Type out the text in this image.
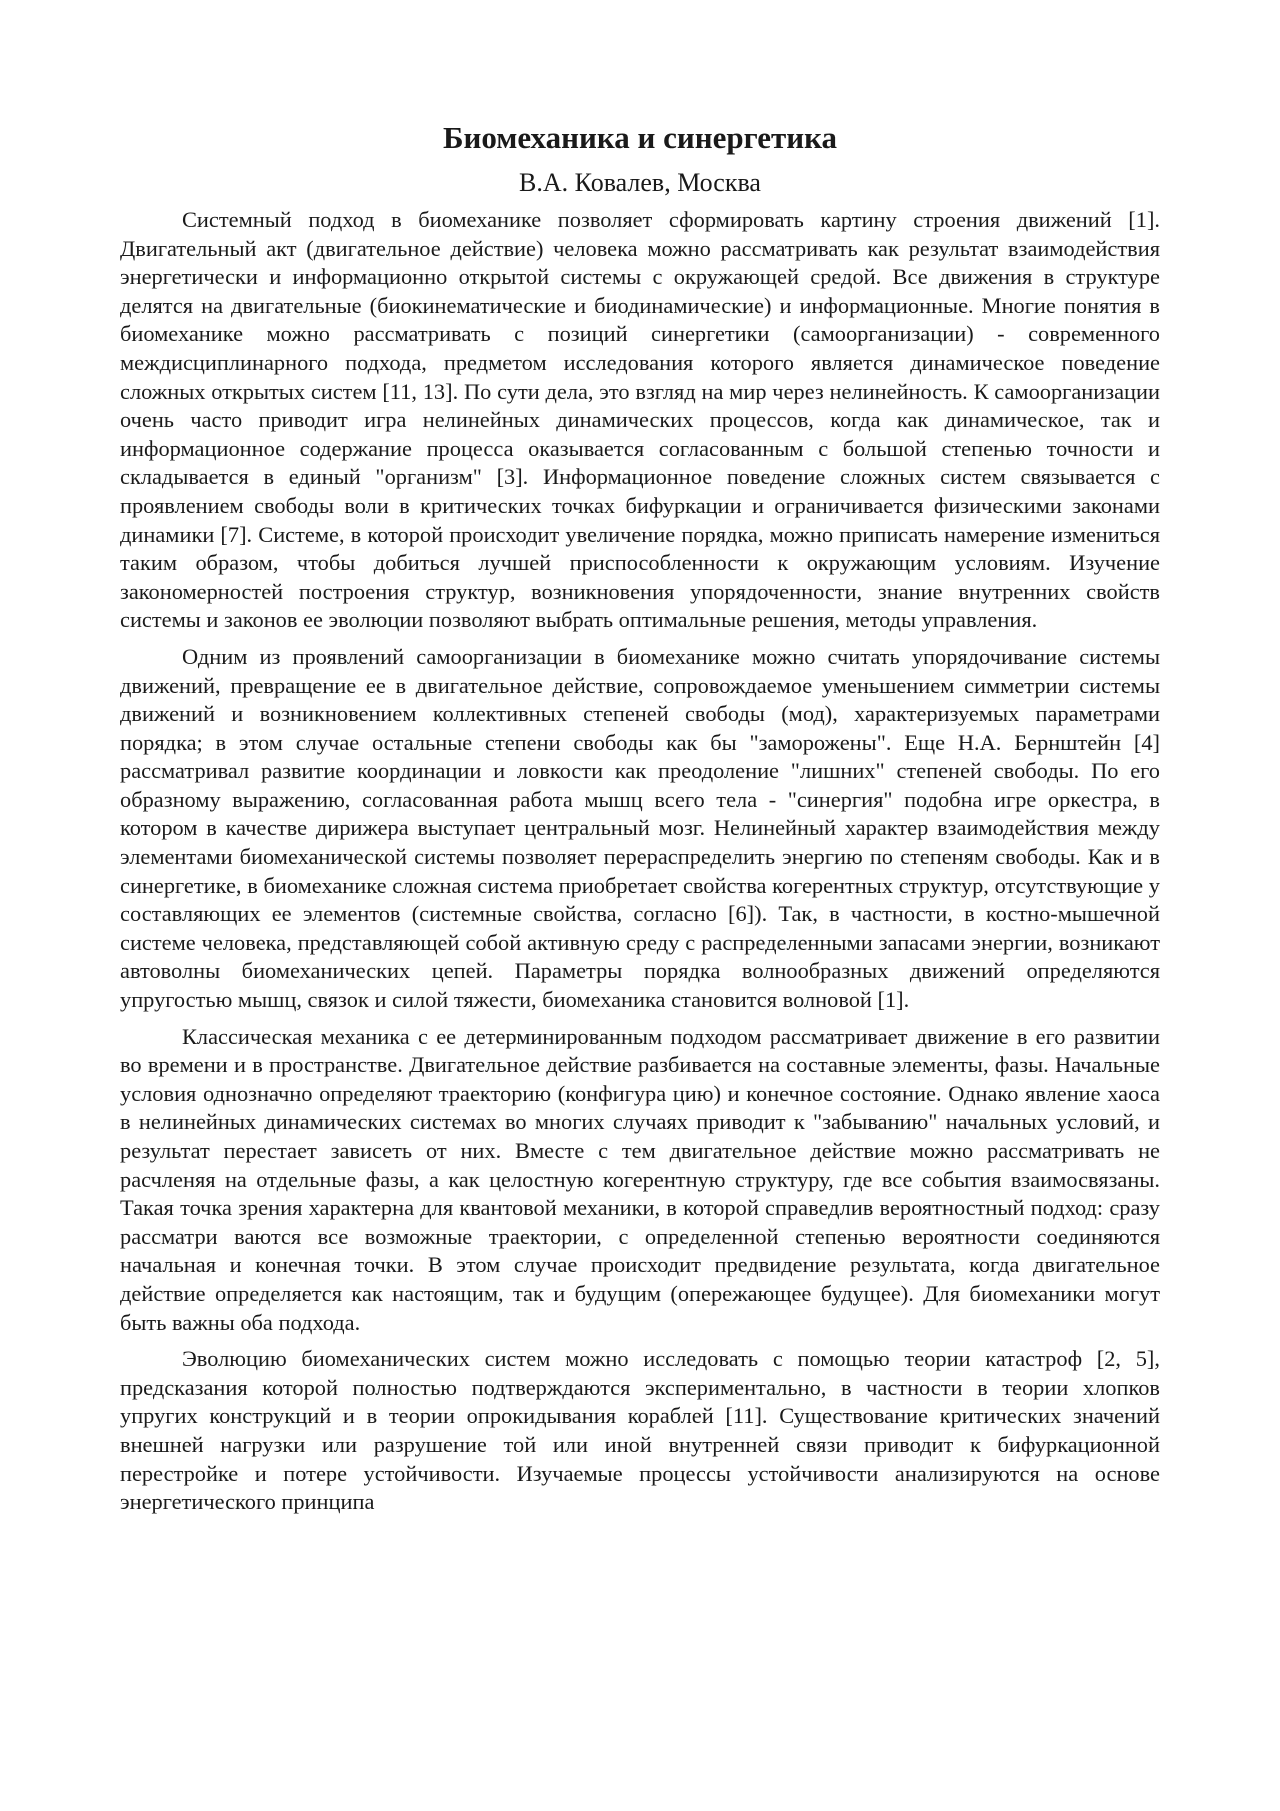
Биомеханика и синергетика
В.А. Ковалев, Москва

Системный подход в биомеханике позволяет сформировать картину строения движений [1]. Двигательный акт (двигательное действие) человека можно рассматривать как результат взаимодействия энергетически и информационно открытой системы с окружающей средой. Все движения в структуре делятся на двигательные (биокинематические и биодинамические) и информационные. Многие понятия в биомеханике можно рассматривать с позиций синергетики (самоорганизации) - современного междисциплинарного подхода, предметом исследования которого является динамическое поведение сложных открытых систем [11, 13]. По сути дела, это взгляд на мир через нелинейность. К самоорганизации очень часто приводит игра нелинейных динамических процессов, когда как динамическое, так и информационное содержание процесса оказывается согласованным с большой степенью точности и складывается в единый "организм" [3]. Информационное поведение сложных систем связывается с проявлением свободы воли в критических точках бифуркации и ограничивается физическими законами динамики [7]. Системе, в которой происходит увеличение порядка, можно приписать намерение измениться таким образом, чтобы добиться лучшей приспособленности к окружающим условиям. Изучение закономерностей построения структур, возникновения упорядоченности, знание внутренних свойств системы и законов ее эволюции позволяют выбрать оптимальные решения, методы управления.

Одним из проявлений самоорганизации в биомеханике можно считать упорядочивание системы движений, превращение ее в двигательное действие, сопровождаемое уменьшением симметрии системы движений и возникновением коллективных степеней свободы (мод), характеризуемых параметрами порядка; в этом случае остальные степени свободы как бы "заморожены". Еще Н.А. Бернштейн [4] рассматривал развитие координации и ловкости как преодоление "лишних" степеней свободы. По его образному выражению, согласованная работа мышц всего тела - "синергия" подобна игре оркестра, в котором в качестве дирижера выступает центральный мозг. Нелинейный характер взаимодействия между элементами биомеханической системы позволяет перераспределить энергию по степеням свободы. Как и в синергетике, в биомеханике сложная система приобретает свойства когерентных структур, отсутствующие у составляющих ее элементов (системные свойства, согласно [6]). Так, в частности, в костно-мышечной системе человека, представляющей собой активную среду с распределенными запасами энергии, возникают автоволны биомеханических цепей. Параметры порядка волнообразных движений определяются упругостью мышц, связок и силой тяжести, биомеханика становится волновой [1].

Классическая механика с ее детерминированным подходом рассматривает движение в его развитии во времени и в пространстве. Двигательное действие разбивается на составные элементы, фазы. Начальные условия однозначно определяют траекторию (конфигура цию) и конечное состояние. Однако явление хаоса в нелинейных динамических системах во многих случаях приводит к "забыванию" начальных условий, и результат перестает зависеть от них. Вместе с тем двигательное действие можно рассматривать не расчленяя на отдельные фазы, а как целостную когерентную структуру, где все события взаимосвязаны. Такая точка зрения характерна для квантовой механики, в которой справедлив вероятностный подход: сразу рассматри ваются все возможные траектории, с определенной степенью вероятности соединяются начальная и конечная точки. В этом случае происходит предвидение результата, когда двигательное действие определяется как настоящим, так и будущим (опережающее будущее). Для биомеханики могут быть важны оба подхода.

Эволюцию биомеханических систем можно исследовать с помощью теории катастроф [2, 5], предсказания которой полностью подтверждаются экспериментально, в частности в теории хлопков упругих конструкций и в теории опрокидывания кораблей [11]. Существование критических значений внешней нагрузки или разрушение той или иной внутренней связи приводит к бифуркационной перестройке и потере устойчивости. Изучаемые процессы устойчивости анализируются на основе энергетического принципа
